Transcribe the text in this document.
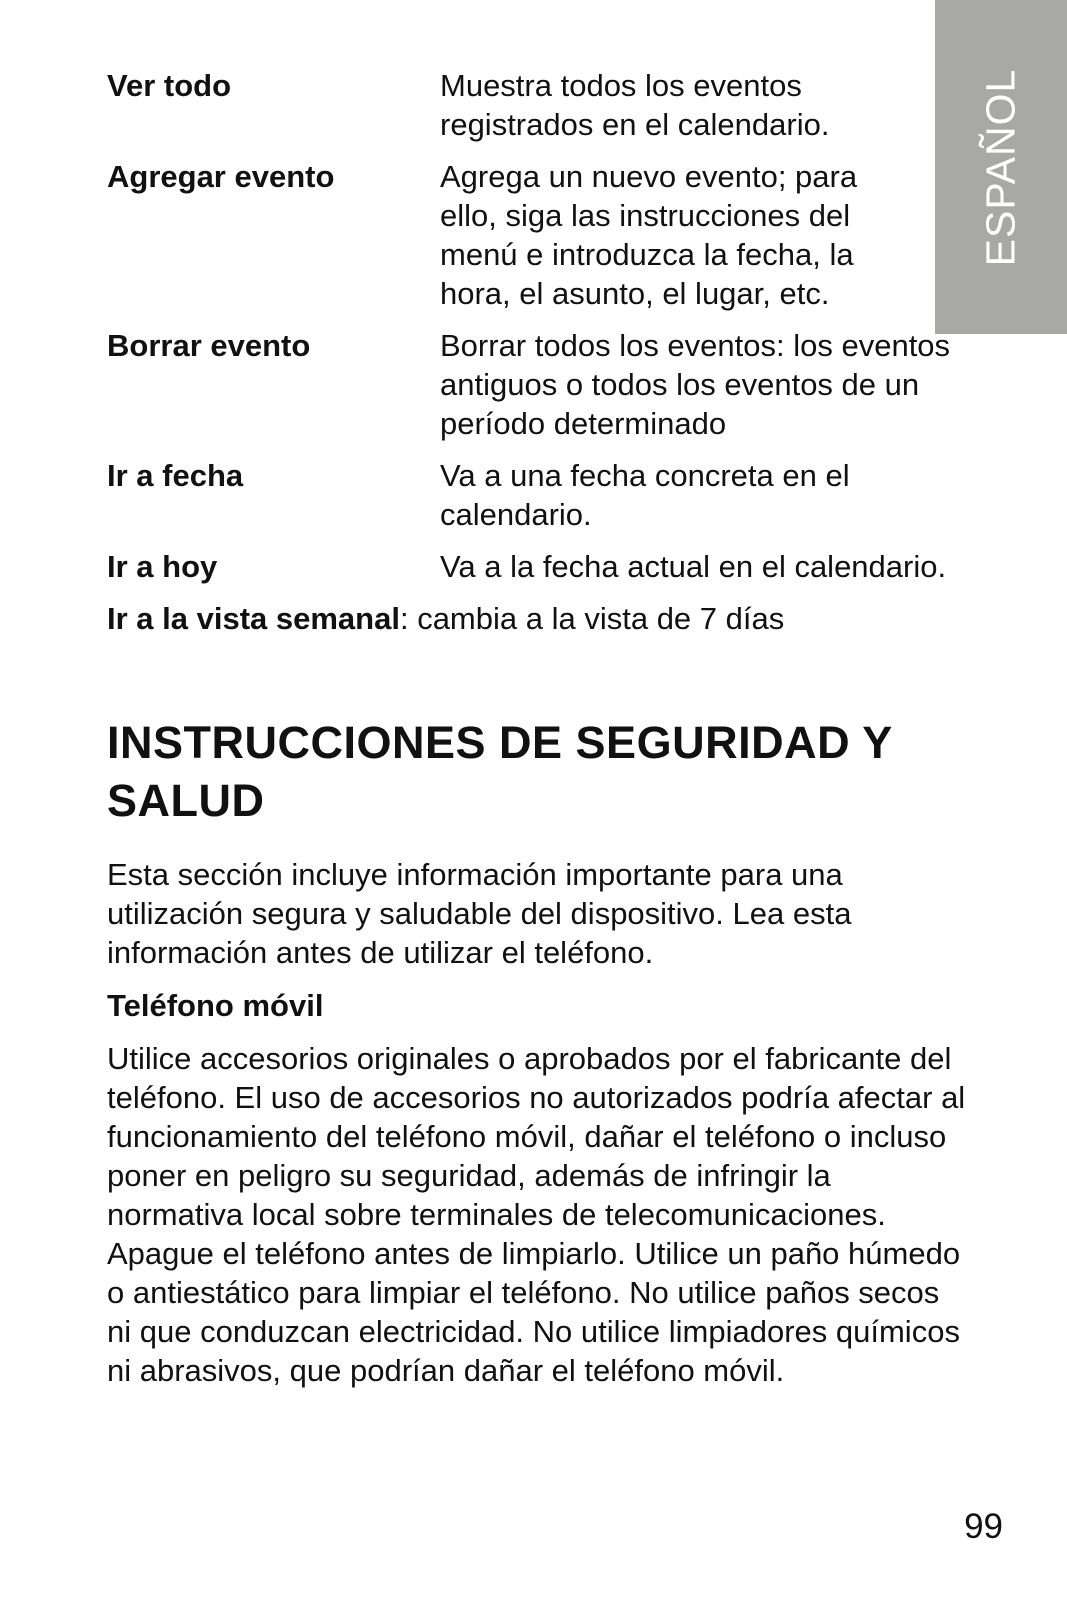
ESPAÑOL
Ver todo	Muestra todos los eventos
registrados en el calendario.
Agregar evento	Agrega un nuevo evento; para
ello, siga las instrucciones del
menú e introduzca la fecha, la
hora, el asunto, el lugar, etc.
Borrar evento	Borrar todos los eventos: los eventos
antiguos o todos los eventos de un
período determinado
Ir a fecha	Va a una fecha concreta en el
calendario.
Ir a hoy	Va a la fecha actual en el calendario.
Ir a la vista semanal: cambia a la vista de 7 días
INSTRUCCIONES DE SEGURIDAD Y
SALUD
Esta sección incluye información importante para una
utilización segura y saludable del dispositivo. Lea esta
información antes de utilizar el teléfono.
Teléfono móvil
Utilice accesorios originales o aprobados por el fabricante del
teléfono. El uso de accesorios no autorizados podría afectar al
funcionamiento del teléfono móvil, dañar el teléfono o incluso
poner en peligro su seguridad, además de infringir la
normativa local sobre terminales de telecomunicaciones.
Apague el teléfono antes de limpiarlo. Utilice un paño húmedo
o antiestático para limpiar el teléfono. No utilice paños secos
ni que conduzcan electricidad. No utilice limpiadores químicos
ni abrasivos, que podrían dañar el teléfono móvil.
99
